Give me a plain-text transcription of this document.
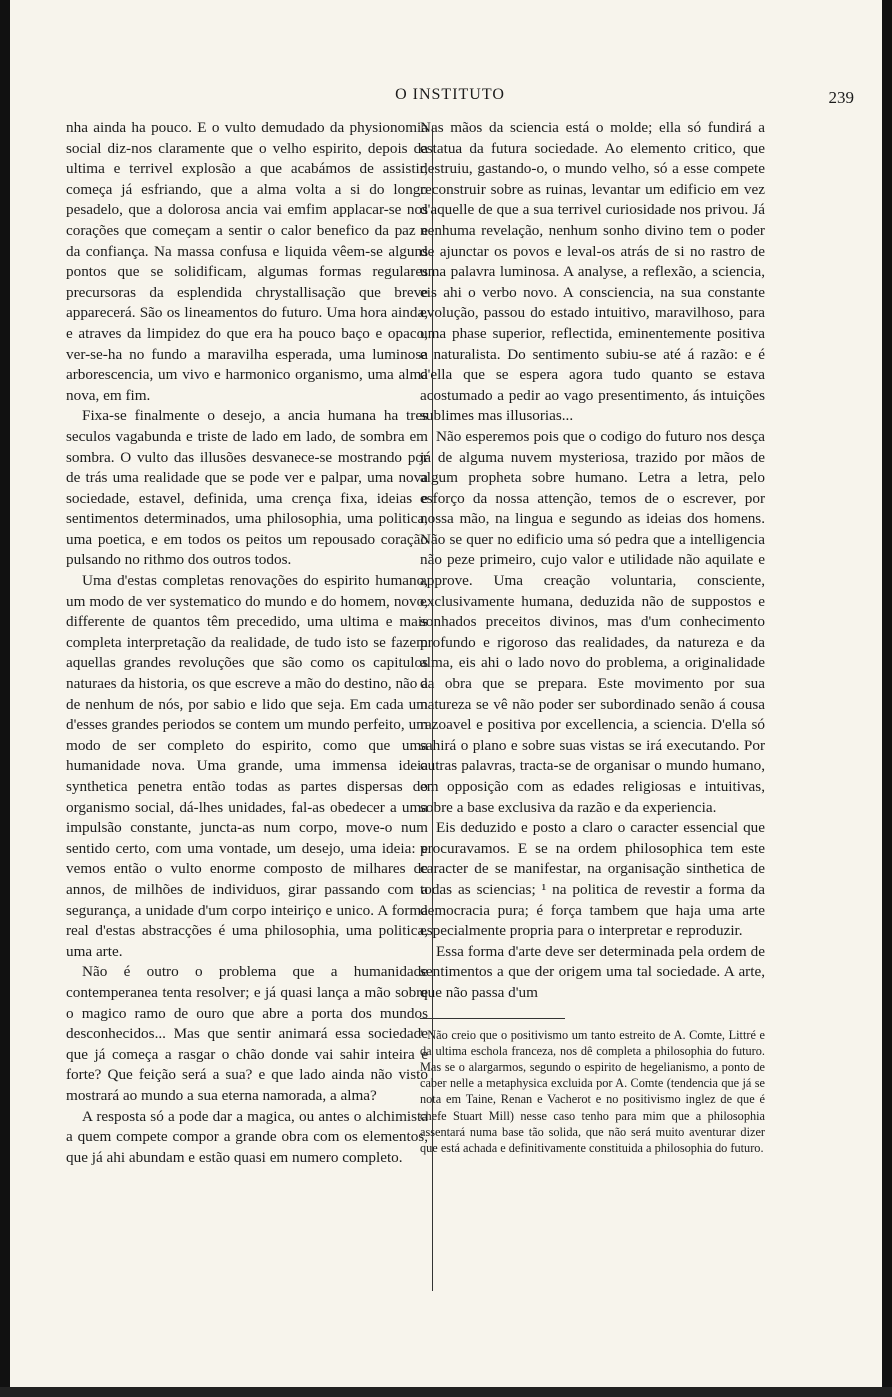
O INSTITUTO	239

nha ainda ha pouco. E o vulto demudado da physionomia social diz-nos claramente que o velho espirito, depois da ultima e terrivel explosão a que acabámos de assistir, começa já esfriando, que a alma volta a si do longo pesadelo, que a dolorosa ancia vai emfim applacar-se nos corações que começam a sentir o calor benefico da paz e da confiança. Na massa confusa e liquida vêem-se alguns pontos que se solidificam, algumas formas regulares precursoras da esplendida chrystallisação que breve apparecerá. São os lineamentos do futuro. Uma hora ainda, e atraves da limpidez do que era ha pouco baço e opaco, ver-se-ha no fundo a maravilha esperada, uma luminosa arborescencia, um vivo e harmonico organismo, uma alma nova, em fim.

Fixa-se finalmente o desejo, a ancia humana ha tres seculos vagabunda e triste de lado em lado, de sombra em sombra. O vulto das illusões desvanece-se mostrando por de trás uma realidade que se pode ver e palpar, uma nova sociedade, estavel, definida, uma crença fixa, ideias e sentimentos determinados, uma philosophia, uma politica, uma poetica, e em todos os peitos um repousado coração pulsando no rithmo dos outros todos.

Uma d'estas completas renovações do espirito humano, um modo de ver systematico do mundo e do homem, novo, differente de quantos têm precedido, uma ultima e mais completa interpretação da realidade, de tudo isto se fazem aquellas grandes revoluções que são como os capitulos naturaes da historia, os que escreve a mão do destino, não a de nenhum de nós, por sabio e lido que seja. Em cada um d'esses grandes periodos se contem um mundo perfeito, um modo de ser completo do espirito, como que uma humanidade nova. Uma grande, uma immensa ideia synthetica penetra então todas as partes dispersas do organismo social, dá-lhes unidades, fal-as obedecer a uma impulsão constante, juncta-as num corpo, move-o num sentido certo, com uma vontade, um desejo, uma ideia: e vemos então o vulto enorme composto de milhares de annos, de milhões de individuos, girar passando com a segurança, a unidade d'um corpo inteiriço e unico. A forma real d'estas abstracções é uma philosophia, uma politica, uma arte.

Não é outro o problema que a humanidade contemperanea tenta resolver; e já quasi lança a mão sobre o magico ramo de ouro que abre a porta dos mundos desconhecidos... Mas que sentir animará essa sociedade que já começa a rasgar o chão donde vai sahir inteira e forte? Que feição será a sua? e que lado ainda não visto mostrará ao mundo a sua eterna namorada, a alma?

A resposta só a pode dar a magica, ou antes o alchimista a quem compete compor a grande obra com os elementos, que já ahi abundam e estão quasi em numero completo.

Nas mãos da sciencia está o molde; ella só fundirá a estatua da futura sociedade. Ao elemento critico, que destruiu, gastando-o, o mundo velho, só a esse compete reconstruir sobre as ruinas, levantar um edificio em vez d'aquelle de que a sua terrivel curiosidade nos privou. Já nenhuma revelação, nenhum sonho divino tem o poder de ajunctar os povos e leval-os atrás de si no rastro de uma palavra luminosa. A analyse, a reflexão, a sciencia, eis ahi o verbo novo. A consciencia, na sua constante evolução, passou do estado intuitivo, maravilhoso, para uma phase superior, reflectida, eminentemente positiva e naturalista. Do sentimento subiu-se até á razão: e é d'ella que se espera agora tudo quanto se estava acostumado a pedir ao vago presentimento, ás intuições sublimes mas illusorias...

Não esperemos pois que o codigo do futuro nos desça já de alguma nuvem mysteriosa, trazido por mãos de algum propheta sobre humano. Letra a letra, pelo esforço da nossa attenção, temos de o escrever, por nossa mão, na lingua e segundo as ideias dos homens. Não se quer no edificio uma só pedra que a intelligencia não peze primeiro, cujo valor e utilidade não aquilate e approve. Uma creação voluntaria, consciente, exclusivamente humana, deduzida não de suppostos e sonhados preceitos divinos, mas d'um conhecimento profundo e rigoroso das realidades, da natureza e da alma, eis ahi o lado novo do problema, a originalidade da obra que se prepara. Este movimento por sua natureza se vê não poder ser subordinado senão á cousa razoavel e positiva por excellencia, a sciencia. D'ella só sahirá o plano e sobre suas vistas se irá executando. Por outras palavras, tracta-se de organisar o mundo humano, em opposição com as edades religiosas e intuitivas, sobre a base exclusiva da razão e da experiencia.

Eis deduzido e posto a claro o caracter essencial que procuravamos. E se na ordem philosophica tem este caracter de se manifestar, na organisação sinthetica de todas as sciencias; ¹ na politica de revestir a forma da democracia pura; é força tambem que haja uma arte especialmente propria para o interpretar e reproduzir.

Essa forma d'arte deve ser determinada pela ordem de sentimentos a que der origem uma tal sociedade. A arte, que não passa d'um

¹ Não creio que o positivismo um tanto estreito de A. Comte, Littré e da ultima eschola franceza, nos dê completa a philosophia do futuro. Mas se o alargarmos, segundo o espirito de hegelianismo, a ponto de caber nelle a metaphysica excluida por A. Comte (tendencia que já se nota em Taine, Renan e Vacherot e no positivismo inglez de que é chefe Stuart Mill) nesse caso tenho para mim que a philosophia assentará numa base tão solida, que não será muito aventurar dizer que está achada e definitivamente constituida a philosophia do futuro.
